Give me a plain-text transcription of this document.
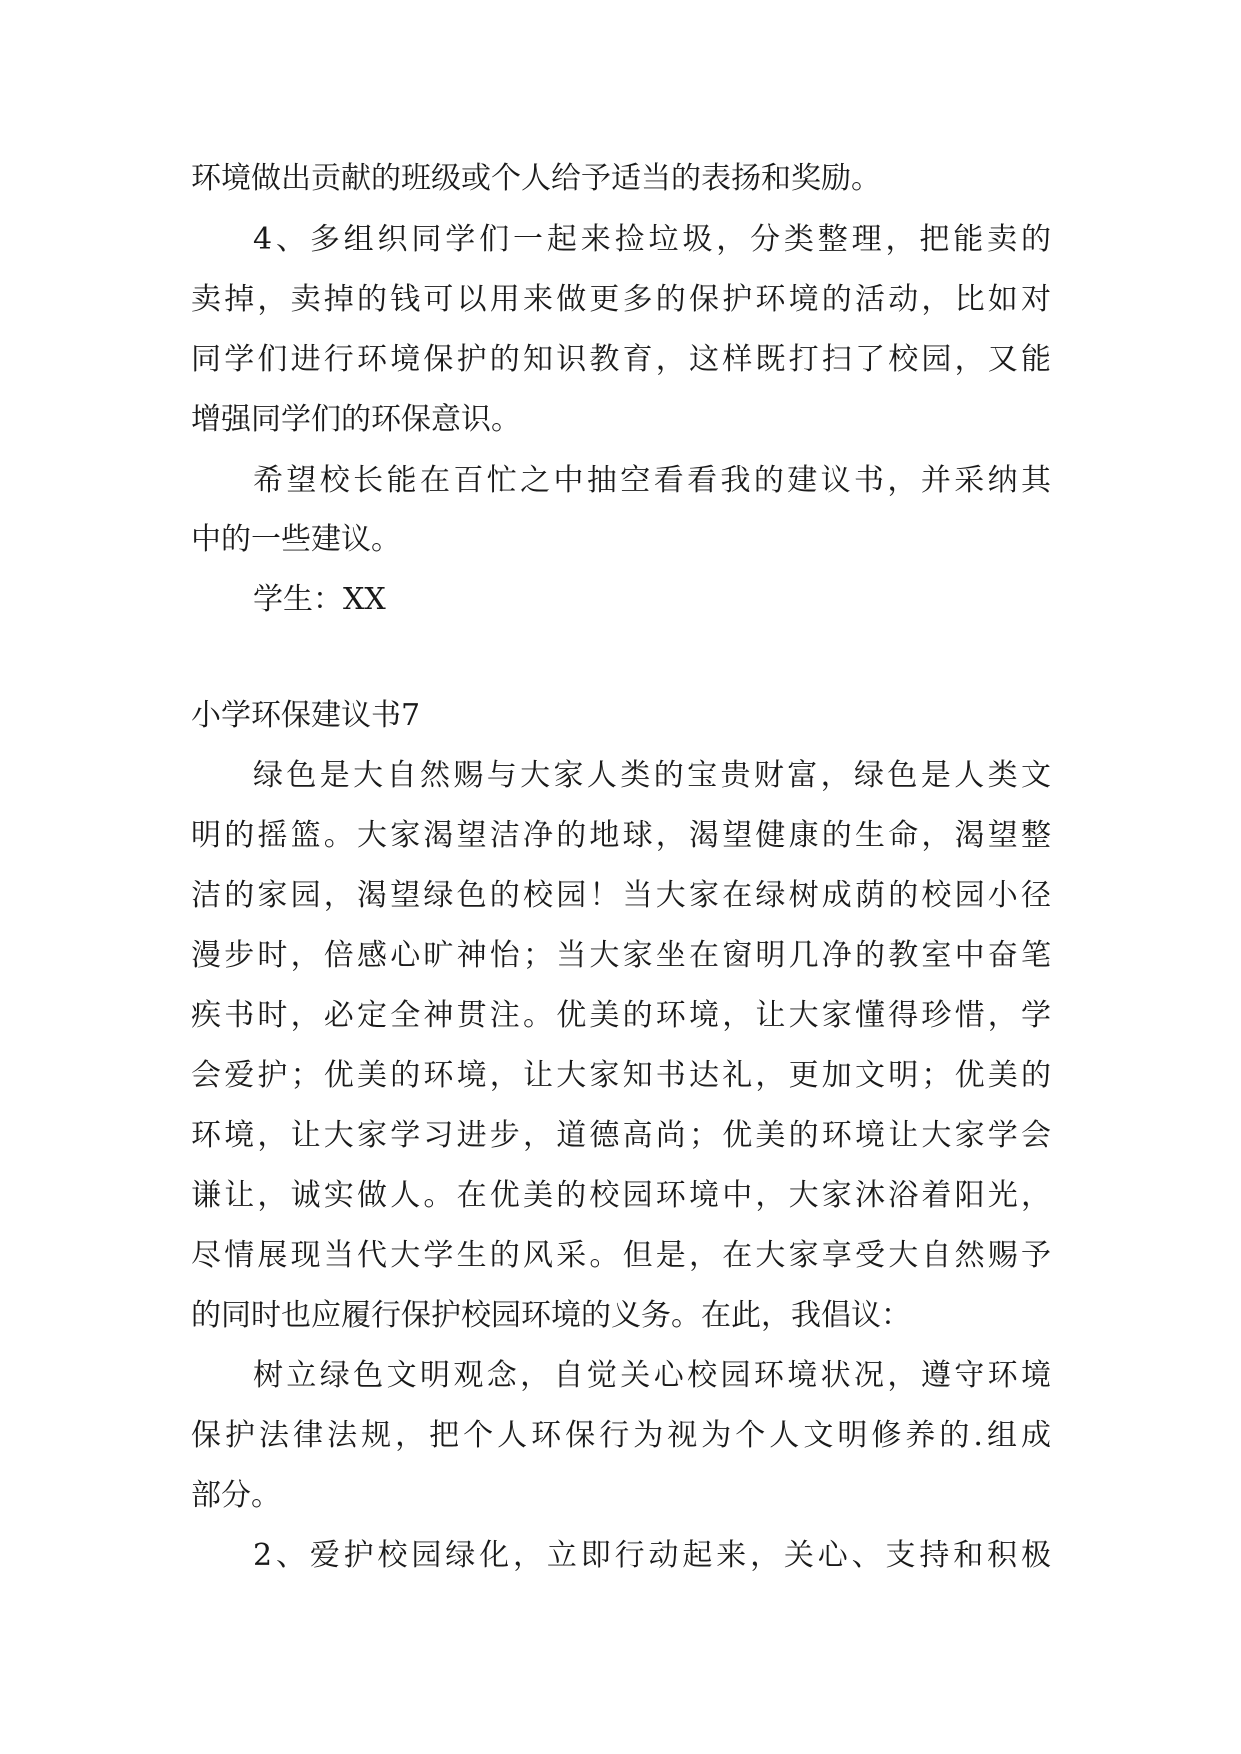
环境做出贡献的班级或个人给予适当的表扬和奖励。
4、多组织同学们一起来捡垃圾，分类整理，把能卖的
卖掉，卖掉的钱可以用来做更多的保护环境的活动，比如对
同学们进行环境保护的知识教育，这样既打扫了校园，又能
增强同学们的环保意识。
希望校长能在百忙之中抽空看看我的建议书，并采纳其
中的一些建议。
学生：XX
小学环保建议书7
绿色是大自然赐与大家人类的宝贵财富，绿色是人类文
明的摇篮。大家渴望洁净的地球，渴望健康的生命，渴望整
洁的家园，渴望绿色的校园！当大家在绿树成荫的校园小径
漫步时，倍感心旷神怡；当大家坐在窗明几净的教室中奋笔
疾书时，必定全神贯注。优美的环境，让大家懂得珍惜，学
会爱护；优美的环境，让大家知书达礼，更加文明；优美的
环境，让大家学习进步，道德高尚；优美的环境让大家学会
谦让，诚实做人。在优美的校园环境中，大家沐浴着阳光，
尽情展现当代大学生的风采。但是，在大家享受大自然赐予
的同时也应履行保护校园环境的义务。在此，我倡议：
树立绿色文明观念，自觉关心校园环境状况，遵守环境
保护法律法规，把个人环保行为视为个人文明修养的.组成
部分。
2、爱护校园绿化，立即行动起来，关心、支持和积极
